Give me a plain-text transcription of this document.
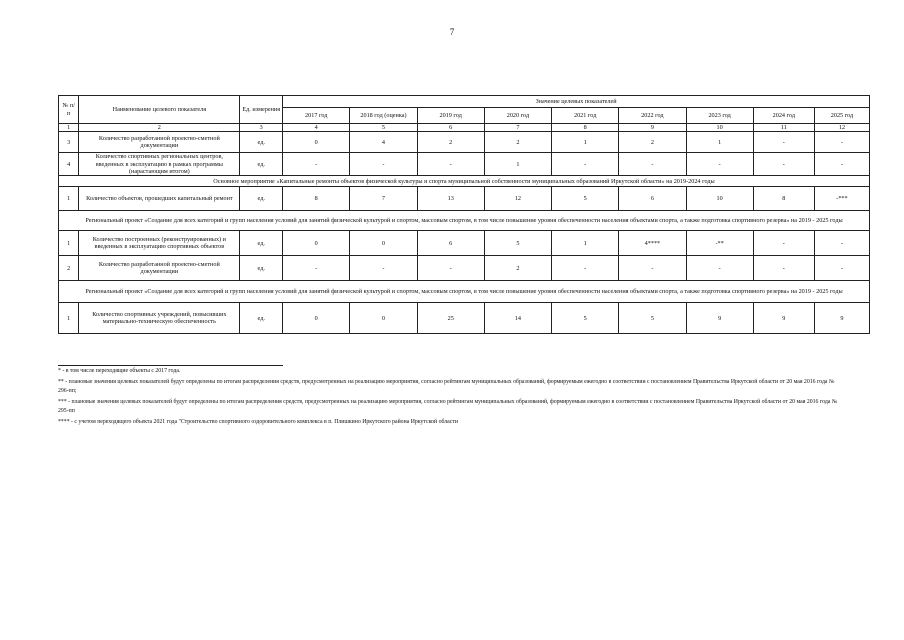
7
№ п/п	Наименование целевого показателя	Ед. измерения	Значение целевых показателей								
			2017 год	2018 год (оценка)	2019 год	2020 год	2021 год	2022 год	2023 год	2024 год	2025 год
1	2	3	4	5	6	7	8	9	10	11	12
3	Количество разработанной проектно-сметной документации	ед.	0	4	2	2	1	2	1	-	-
4	Количество спортивных региональных центров, введенных в эксплуатацию в рамках программы (нарастающим итогом)	ед.	-	-	-	1	-	-	-	-	-
Основное мероприятие «Капитальные ремонты объектов физической культуры и спорта муниципальной собственности муниципальных образований Иркутской области» на 2019-2024 годы											
1	Количество объектов, прошедших капитальный ремонт	ед.	8	7	13	12	5	6	10	8	-***
Региональный проект «Создание для всех категорий и групп населения условий для занятий физической культурой и спортом, массовым спортом, в том числе повышение уровня обеспеченности населения объектами спорта, а также подготовка спортивного резерва» на 2019 - 2025 годы											
1	Количество построенных (реконструированных) и введенных в эксплуатацию спортивных объектов	ед.	0	0	6	5	1	4****	-**	-	-
2	Количество разработанной проектно-сметной документации	ед.	-	-	-	2	-	-	-	-	-
Региональный проект «Создание для всех категорий и групп населения условий для занятий физической культурой и спортом, массовым спортом, в том числе повышение уровня обеспеченности населения объектами спорта, а также подготовка спортивного резерва» на 2019 - 2025 годы											
1	Количество спортивных учреждений, повысивших материально-техническую обеспеченность	ед.	0	0	25	14	5	5	9	9	9

* - в том числе переходящие объекты с 2017 года.

** - плановые значения целевых показателей будут определены по итогам распределения средств, предусмотренных на реализацию мероприятия, согласно рейтингам муниципальных образований, формируемым ежегодно в соответствии с постановлением Правительства Иркутской области от 20 мая 2016 года № 296-пп;

*** - плановые значения целевых показателей будут определены по итогам распределения средств, предусмотренных на реализацию мероприятия, согласно рейтингам муниципальных образований, формируемым ежегодно в соответствии с постановлением Правительства Иркутской области от 20 мая 2016 года № 295-пп

**** - с учетом переходящего объекта 2021 года "Строительство спортивного оздоровительного комплекса в п. Плишкино Иркутского района Иркутской области
